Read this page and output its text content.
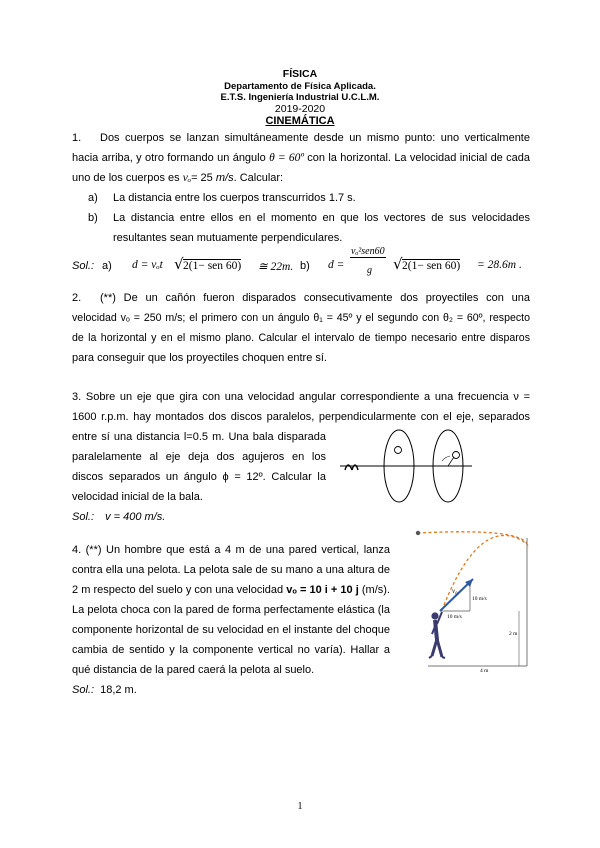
FÍSICA
Departamento de Física Aplicada.
E.T.S. Ingeniería Industrial U.C.L.M.
2019-2020
CINEMÁTICA
1. Dos cuerpos se lanzan simultáneamente desde un mismo punto: uno verticalmente
hacia arriba, y otro formando un ángulo θ = 60º con la horizontal. La velocidad inicial de cada
uno de los cuerpos es vₒ= 25 m/s. Calcular:
a) La distancia entre los cuerpos transcurridos 1.7 s.
b) La distancia entre ellos en el momento en que los vectores de sus velocidades
resultantes sean mutuamente perpendiculares.
Sol.: a) d = vₒt √ 2(1− sen 60) ≅ 22m. b) d =
vₒ²sen60
g √ 2(1− sen 60) = 28.6m .
2. (**) De un cañón fueron disparados consecutivamente dos proyectiles con una
velocidad vₒ = 250 m/s; el primero con un ángulo θ₁ = 45º y el segundo con θ₂ = 60º, respecto
de la horizontal y en el mismo plano. Calcular el intervalo de tiempo necesario entre disparos
para conseguir que los proyectiles choquen entre sí.
3. Sobre un eje que gira con una velocidad angular correspondiente a una frecuencia ν =
1600 r.p.m. hay montados dos discos paralelos, perpendicularmente con el eje, separados
entre sí una distancia l=0.5 m. Una bala disparada
paralelamente al eje deja dos agujeros en los
discos separados un ángulo ϕ = 12º. Calcular la
velocidad inicial de la bala.
Sol.: v = 400 m/s.
4. (**) Un hombre que está a 4 m de una pared vertical, lanza
contra ella una pelota. La pelota sale de su mano a una altura de
2 m respecto del suelo y con una velocidad vₒ = 10 i + 10 j (m/s).
La pelota choca con la pared de forma perfectamente elástica (la
componente horizontal de su velocidad en el instante del choque
cambia de sentido y la componente vertical no varía). Hallar a
qué distancia de la pared caerá la pelota al suelo.
Sol.: 18,2 m.
v₀
10 m/s
10 m/s
2 m
4 m
1
